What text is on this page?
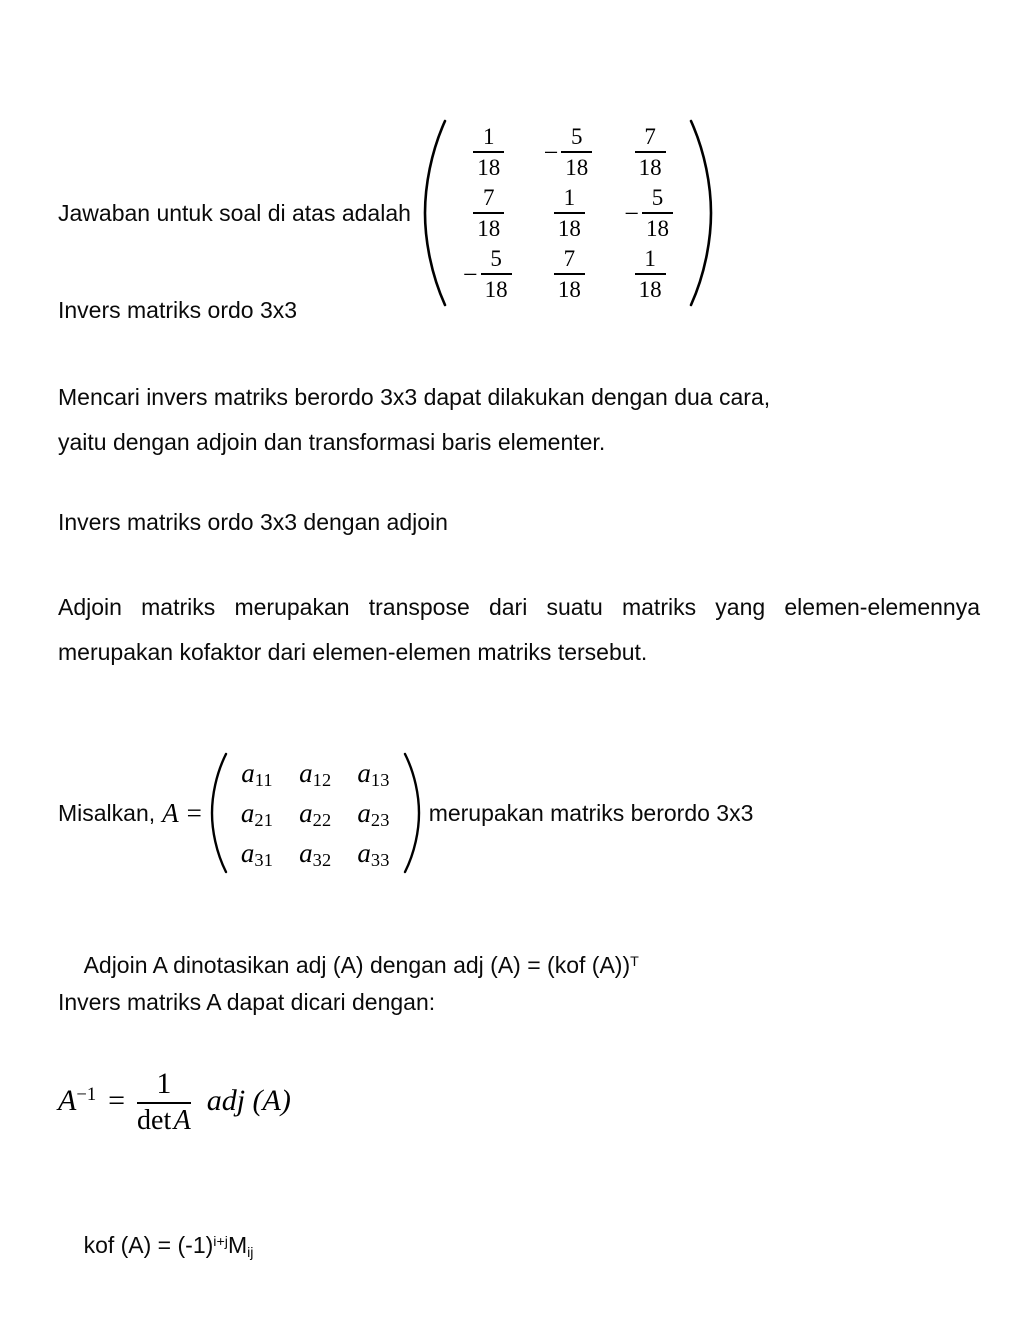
Jawaban untuk soal di atas adalah
$\frac{1}{18} - \frac{5}{18} \frac{7}{18}$
$\frac{7}{18} \frac{1}{18} - \frac{5}{18}$
− $\frac{5}{18} \frac{7}{18} \frac{1}{18}$
Invers matriks ordo 3x3
Mencari invers matriks berordo 3x3 dapat dilakukan dengan dua cara,
yaitu dengan adjoin dan transformasi baris elementer.
Invers matriks ordo 3x3 dengan adjoin
Adjoin matriks merupakan transpose dari suatu matriks yang elemen-elemennya merupakan kofaktor dari elemen-elemen matriks tersebut.
Misalkan, A =
$a_{11}$ $a_{12}$ $a_{13}$
$a_{21}$ $a_{22}$ $a_{23}$
$a_{31}$ $a_{32}$ $a_{33}$
merupakan matriks berordo 3x3

Adjoin A dinotasikan adj (A) dengan adj (A) = (kof (A))$^T$

Invers matriks A dapat dicari dengan:
$A^{-1} = \frac{1}{\text{det A}}$ adj (A)

kof $(A) = (-1)^{i+j}Mij$
